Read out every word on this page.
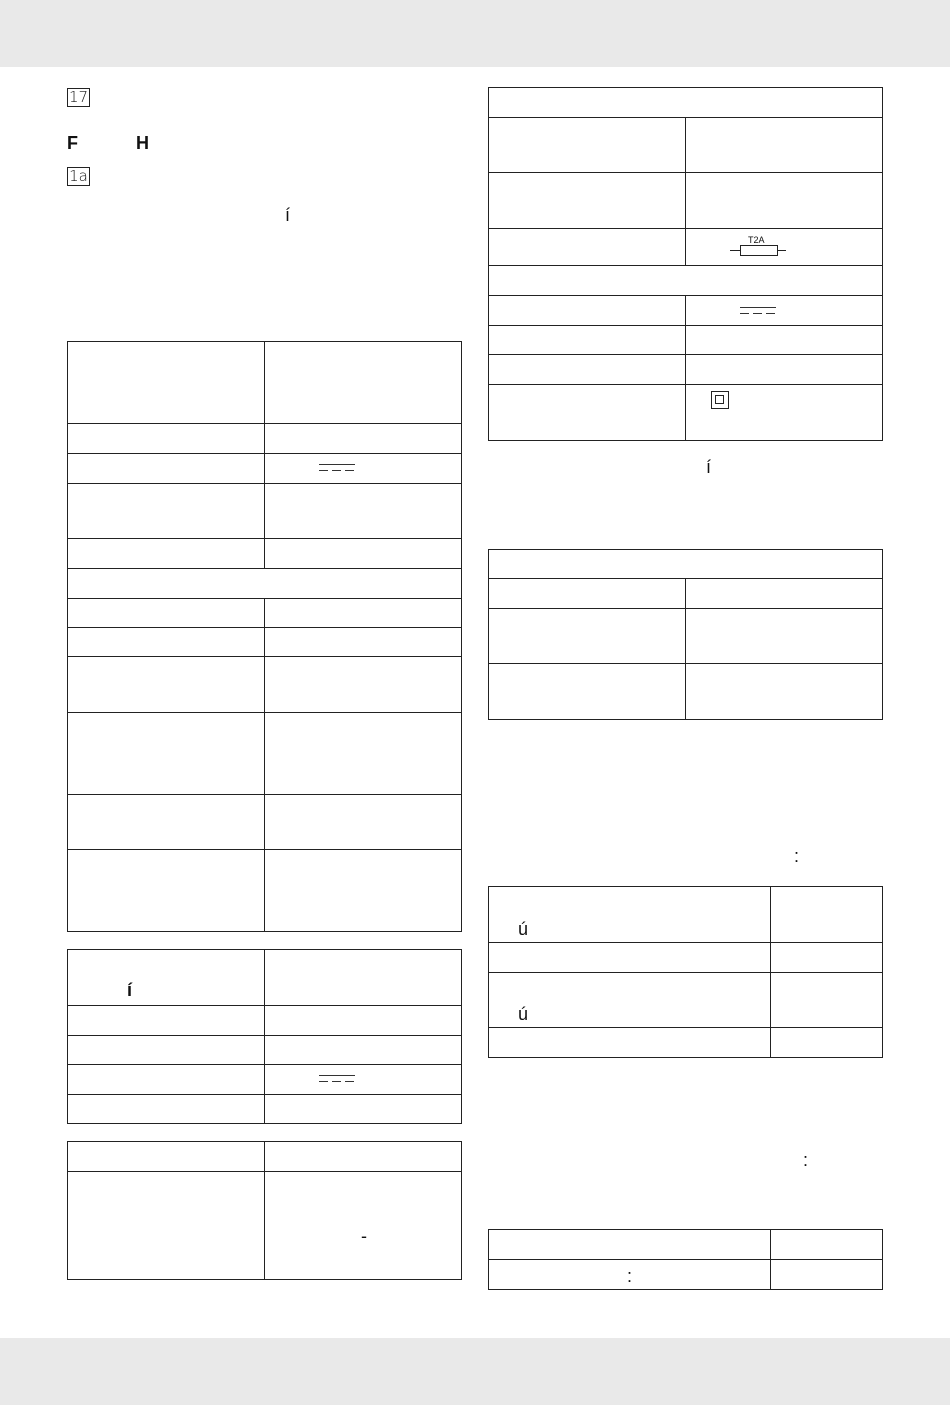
17
F	H
1a
í

í	

	-

	T2A

í

:
ú	

ú	

:

:	
